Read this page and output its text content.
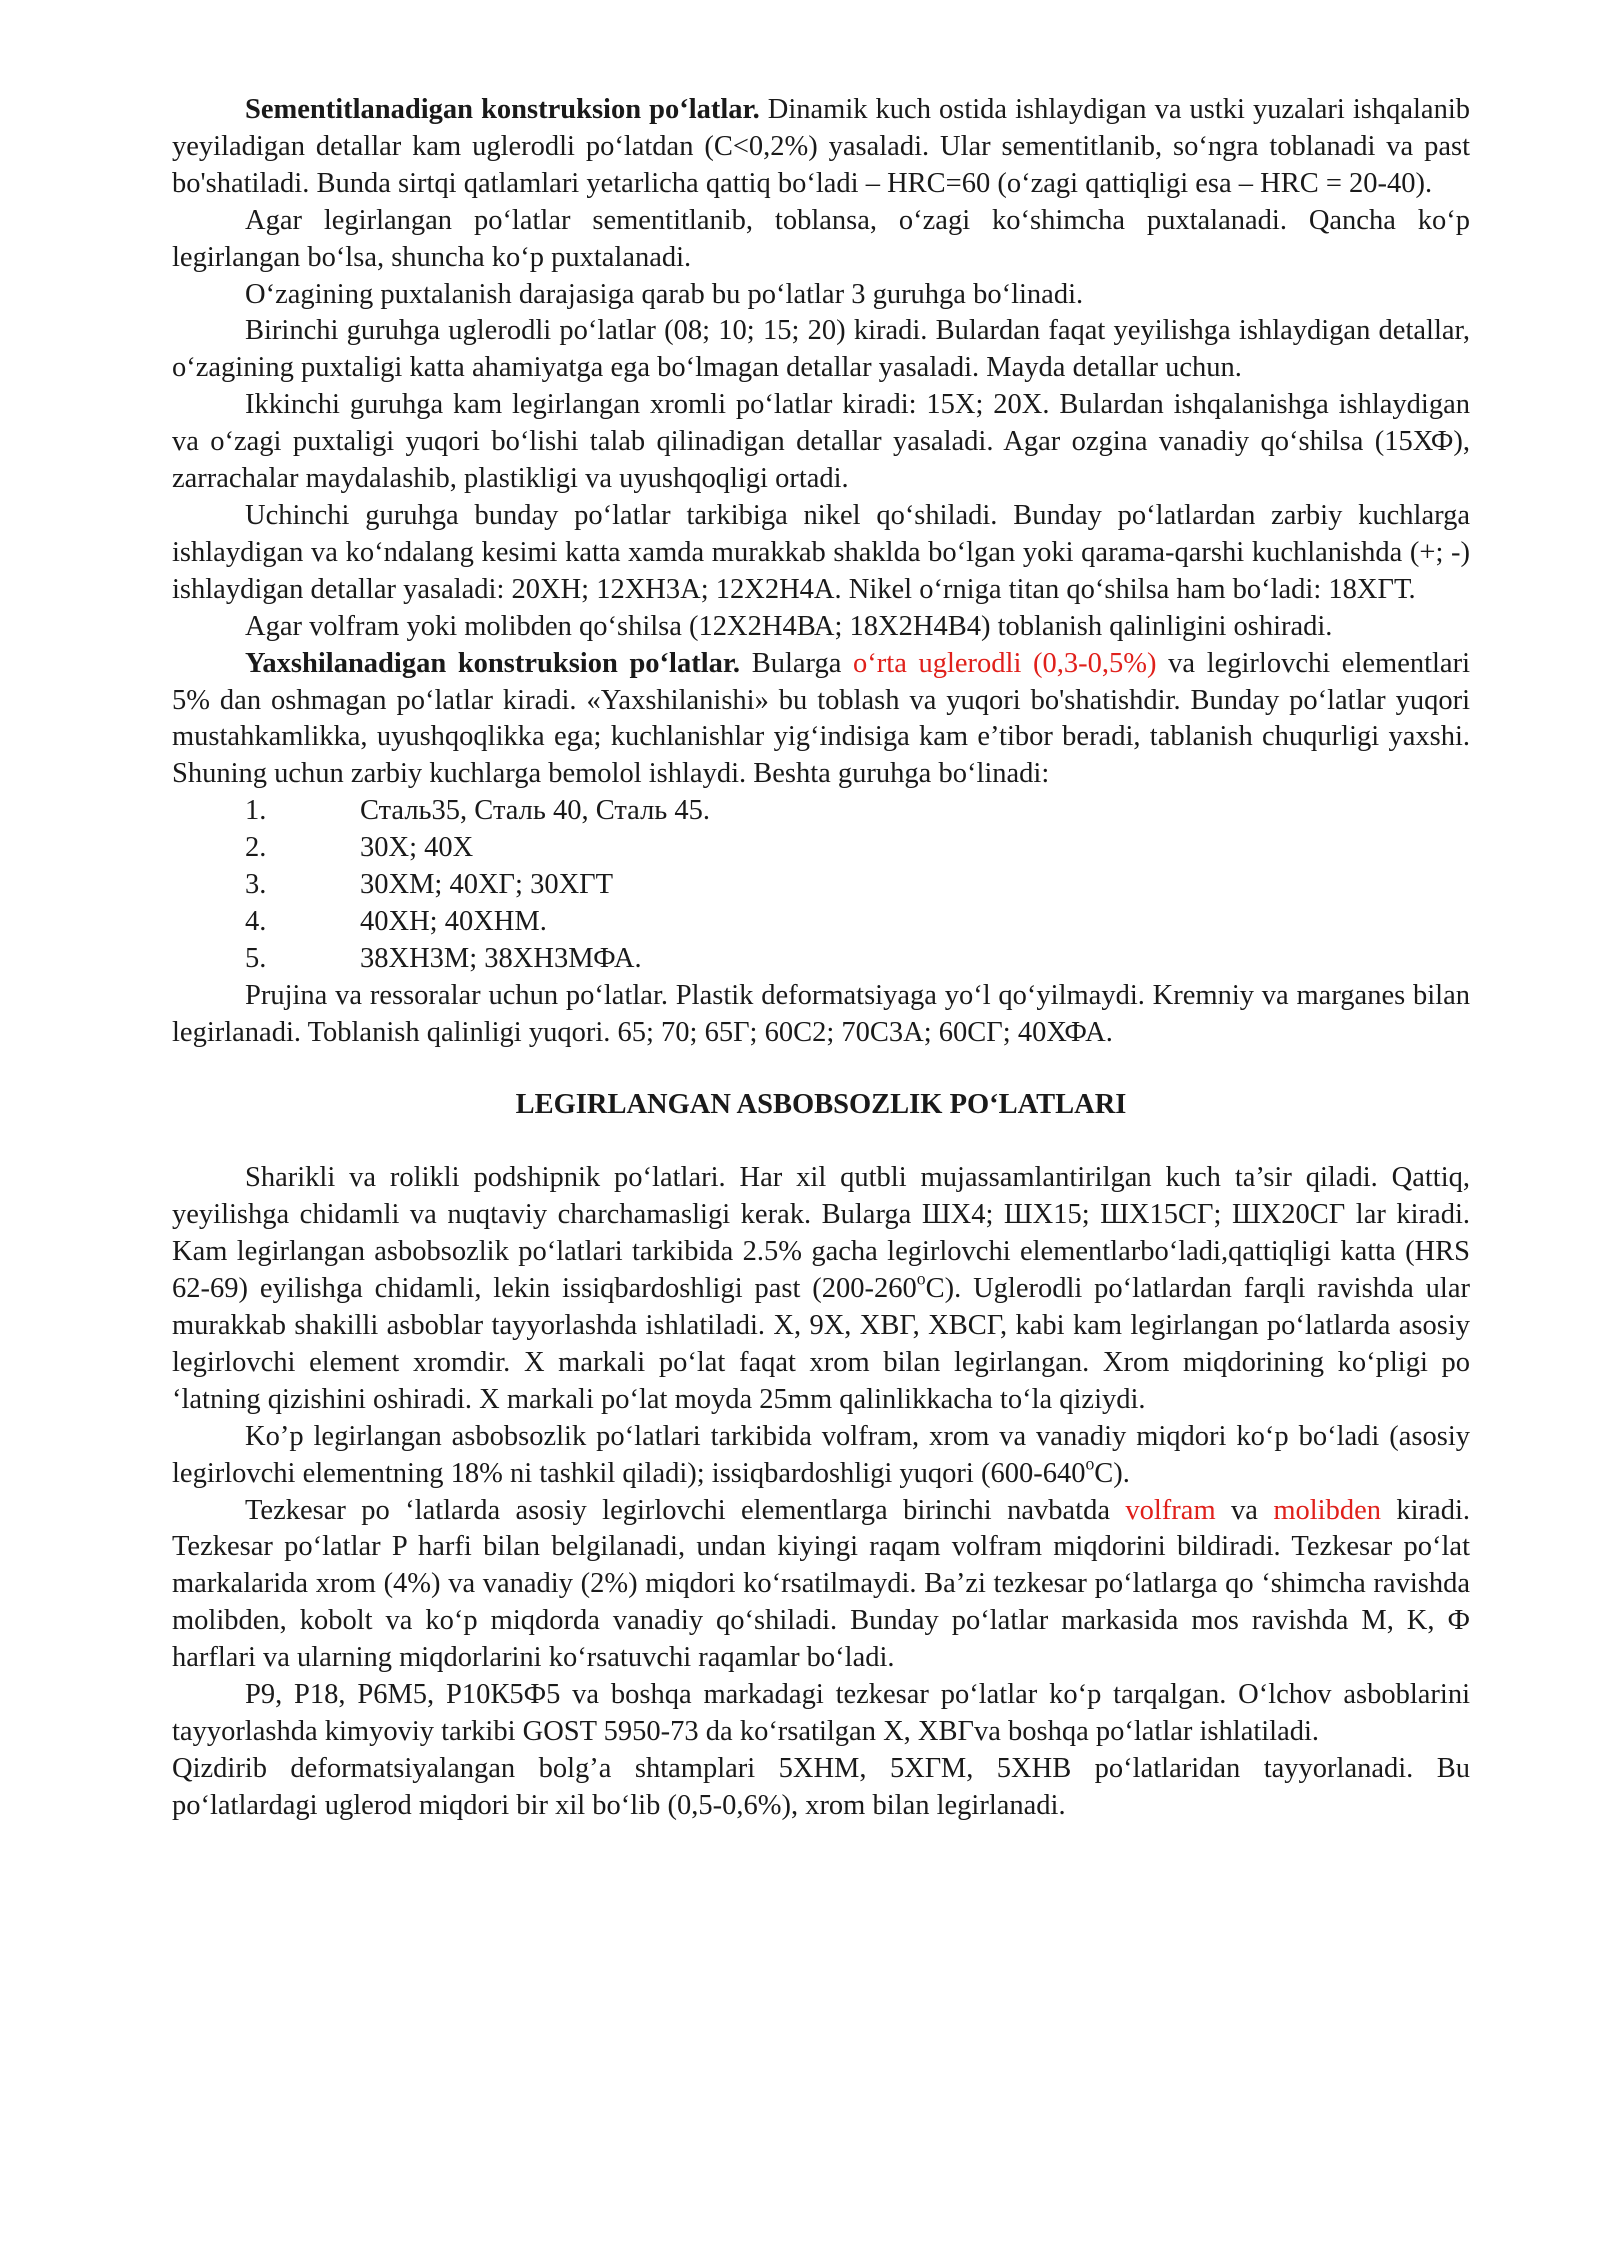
Sementitlanadigan konstruksion po‘latlar. Dinamik kuch ostida ishlaydigan va ustki yuzalari ishqalanib yeyiladigan detallar kam uglerodli po‘latdan (C<0,2%) yasaladi. Ular sementitlanib, so‘ngra toblanadi va past bo'shatiladi. Bunda sirtqi qatlamlari yetarlicha qattiq bo‘ladi – HRC=60 (o‘zagi qattiqligi esa – HRC = 20-40).

Agar legirlangan po‘latlar sementitlanib, toblansa, o‘zagi ko‘shimcha puxtalanadi. Qancha ko‘p legirlangan bo‘lsa, shuncha ko‘p puxtalanadi.

O‘zagining puxtalanish darajasiga qarab bu po‘latlar 3 guruhga bo‘linadi.

Birinchi guruhga uglerodli po‘latlar (08; 10; 15; 20) kiradi. Bulardan faqat yeyilishga ishlaydigan detallar, o‘zagining puxtaligi katta ahamiyatga ega bo‘lmagan detallar yasaladi. Mayda detallar uchun.

Ikkinchi guruhga kam legirlangan xromli po‘latlar kiradi: 15Х; 20Х. Bulardan ishqalanishga ishlaydigan va o‘zagi puxtaligi yuqori bo‘lishi talab qilinadigan detallar yasaladi. Agar ozgina vanadiy qo‘shilsa (15ХФ), zarrachalar maydalashib, plastikligi va uyushqoqligi ortadi.

Uchinchi guruhga bunday po‘latlar tarkibiga nikel qo‘shiladi. Bunday po‘latlardan zarbiy kuchlarga ishlaydigan va ko‘ndalang kesimi katta xamda murakkab shaklda bo‘lgan yoki qarama-qarshi kuchlanishda (+; -) ishlaydigan detallar yasaladi: 20ХН; 12ХН3А; 12Х2Н4А. Nikel o‘rniga titan qo‘shilsa ham bo‘ladi: 18ХГТ.

Agar volfram yoki molibden qo‘shilsa (12Х2Н4ВА; 18Х2Н4В4) toblanish qalinligini oshiradi.

Yaxshilanadigan konstruksion po‘latlar. Bularga o‘rta uglerodli (0,3-0,5%) va legirlovchi elementlari 5% dan oshmagan po‘latlar kiradi. «Yaxshilanishi» bu toblash va yuqori bo'shatishdir. Bunday po‘latlar yuqori mustahkamlikka, uyushqoqlikka ega; kuchlanishlar yig‘indisiga kam e’tibor beradi, tablanish chuqurligi yaxshi. Shuning uchun zarbiy kuchlarga bemolol ishlaydi. Beshta guruhga bo‘linadi:

1.	Сталь35, Сталь 40, Сталь 45.
2.	30Х; 40Х
3.	30ХМ; 40ХГ; 30ХГТ
4.	40ХН; 40ХНМ.
5.	38ХН3М; 38ХН3МФА.

Prujina va ressoralar uchun po‘latlar. Plastik deformatsiyaga yo‘l qo‘yilmaydi. Kremniy va marganes bilan legirlanadi. Toblanish qalinligi yuqori. 65; 70; 65Г; 60С2; 70С3А; 60СГ; 40ХФА.

LEGIRLANGAN ASBOBSOZLIK PO‘LATLARI

Sharikli va rolikli podshipnik po‘latlari. Har xil qutbli mujassamlantirilgan kuch ta’sir qiladi. Qattiq, yeyilishga chidamli va nuqtaviy charchamasligi kerak. Bularga ШХ4; ШХ15; ШХ15СГ; ШХ20СГ lar kiradi. Kam legirlangan asbobsozlik po‘latlari tarkibida 2.5% gacha legirlovchi elementlarbo‘ladi,qattiqligi katta (HRS 62-69) eyilishga chidamli, lekin issiqbardoshligi past (200-260$^o$C). Uglerodli po‘latlardan farqli ravishda ular murakkab shakilli asboblar tayyorlashda ishlatiladi. Х, 9Х, ХВГ, ХВСГ, kabi kam legirlangan po‘latlarda asosiy legirlovchi element xromdir. Х markali po‘lat faqat xrom bilan legirlangan. Xrom miqdorining ko‘pligi po ‘latning qizishini oshiradi. Х markali po‘lat moyda 25mm qalinlikkacha to‘la qiziydi.

Ko’p legirlangan asbobsozlik po‘latlari tarkibida volfram, xrom va vanadiy miqdori ko‘p bo‘ladi (asosiy legirlovchi elementning 18% ni tashkil qiladi); issiqbardoshligi yuqori (600-640$^o$C).

Tezkesar po ‘latlarda asosiy legirlovchi elementlarga birinchi navbatda volfram va molibden kiradi. Tezkesar po‘latlar P harfi bilan belgilanadi, undan kiyingi raqam volfram miqdorini bildiradi. Tezkesar po‘lat markalarida xrom (4%) va vanadiy (2%) miqdori ko‘rsatilmaydi. Ba’zi tezkesar po‘latlarga qo ‘shimcha ravishda molibden, kobolt va ko‘p miqdorda vanadiy qo‘shiladi. Bunday po‘latlar markasida mos ravishda M, K, Ф harflari va ularning miqdorlarini ko‘rsatuvchi raqamlar bo‘ladi.

Р9, Р18, Р6М5, Р10К5Ф5 va boshqa markadagi tezkesar po‘latlar ko‘p tarqalgan. O‘lchov asboblarini tayyorlashda kimyoviy tarkibi GOST 5950-73 da ko‘rsatilgan Х, ХВГva boshqa po‘latlar ishlatiladi.

Qizdirib deformatsiyalangan bolg’a shtamplari 5ХНМ, 5ХГМ, 5ХНВ po‘latlaridan tayyorlanadi. Bu po‘latlardagi uglerod miqdori bir xil bo‘lib (0,5-0,6%), xrom bilan legirlanadi.
